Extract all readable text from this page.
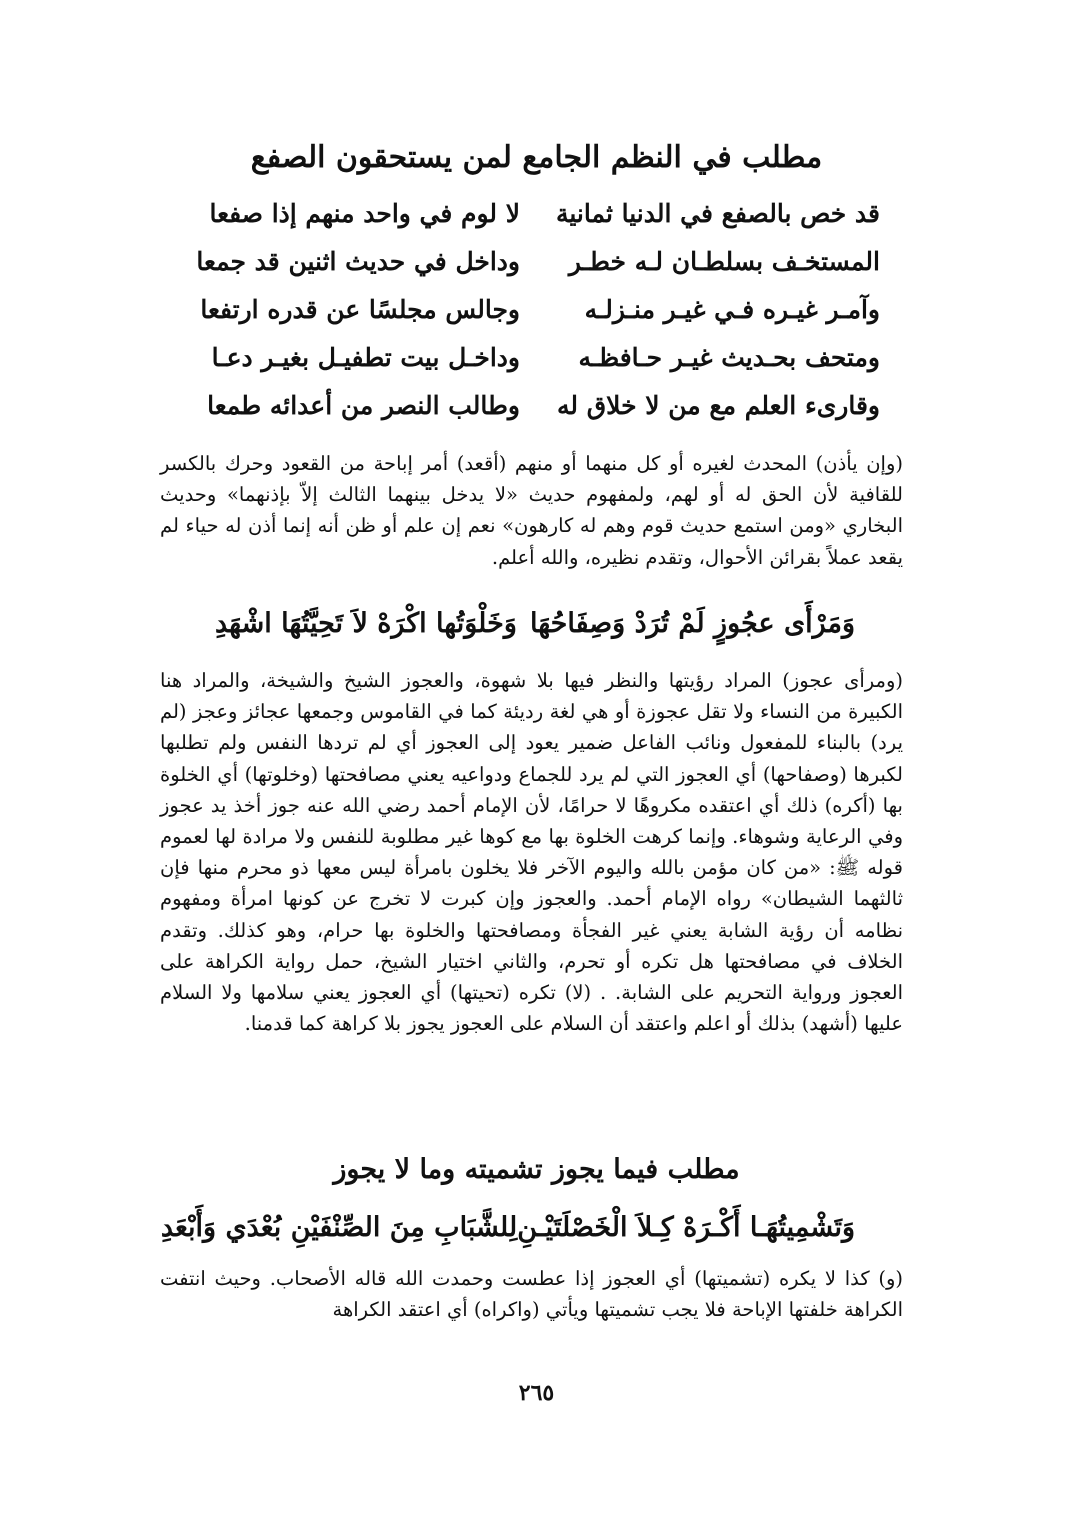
مطلب في النظم الجامع لمن يستحقون الصفع
قد خص بالصفع في الدنيا ثمانية
لا لوم في واحد منهم إذا صفعا
المستخـف بسلطـان لـه خطـر
وداخل في حديث اثنين قد جمعا
وآمـر غيـره فـي غيـر منـزلـه
وجالس مجلسًا عن قدره ارتفعا
ومتحف بحـديث غيـر حـافظـه
وداخـل بيت تطفيـل بغيـر دعـا
وقارىء العلم مع من لا خلاق له
وطالب النصر من أعدائه طمعا
(وإن يأذن) المحدث لغيره أو كل منهما أو منهم (أقعد) أمر إباحة من القعود وحرك بالكسر للقافية لأن الحق له أو لهم، ولمفهوم حديث «لا يدخل بينهما الثالث إلاّ بإذنهما» وحديث البخاري «ومن استمع حديث قوم وهم له كارهون» نعم إن علم أو ظن أنه إنما أذن له حياء لم يقعد عملاً بقرائن الأحوال، وتقدم نظيره، والله أعلم.
وَمَرْأَى عجُوزٍ لَمْ تُرَدْ وَصِفَاحُهَا
وَخَلْوَتُها اكْرَهْ لاَ تَحِيَّتُهَا اشْهَدِ
(ومرأى عجوز) المراد رؤيتها والنظر فيها بلا شهوة، والعجوز الشيخ والشيخة، والمراد هنا الكبيرة من النساء ولا تقل عجوزة أو هي لغة رديئة كما في القاموس وجمعها عجائز وعجز (لم يرد) بالبناء للمفعول ونائب الفاعل ضمير يعود إلى العجوز أي لم تردها النفس ولم تطلبها لكبرها (وصفاحها) أي العجوز التي لم يرد للجماع ودواعيه يعني مصافحتها (وخلوتها) أي الخلوة بها (أكره) ذلك أي اعتقده مكروهًا لا حرامًا، لأن الإمام أحمد رضي الله عنه جوز أخذ يد عجوز وفي الرعاية وشوهاء. وإنما كرهت الخلوة بها مع كوها غير مطلوبة للنفس ولا مرادة لها لعموم قوله ﷺ: «من كان مؤمن بالله واليوم الآخر فلا يخلون بامرأة ليس معها ذو محرم منها فإن ثالثهما الشيطان» رواه الإمام أحمد. والعجوز وإن كبرت لا تخرج عن كونها امرأة ومفهوم نظامه أن رؤية الشابة يعني غير الفجأة ومصافحتها والخلوة بها حرام، وهو كذلك. وتقدم الخلاف في مصافحتها هل تكره أو تحرم، والثاني اختيار الشيخ، حمل رواية الكراهة على العجوز ورواية التحريم على الشابة. . (لا) تكره (تحيتها) أي العجوز يعني سلامها ولا السلام عليها (أشهد) بذلك أو اعلم واعتقد أن السلام على العجوز يجوز بلا كراهة كما قدمنا.
مطلب فيما يجوز تشميته وما لا يجوز
وَتَشْمِيتُهَـا أَكْـرَهْ كِـلاَ الْخَصْلَتَيْـنِ
لِلشَّبَابِ مِنَ الصِّنْفَيْنِ بُعْدَي وَأَبْعَدِ
(و) كذا لا يكره (تشميتها) أي العجوز إذا عطست وحمدت الله قاله الأصحاب. وحيث انتفت الكراهة خلفتها الإباحة فلا يجب تشميتها ويأتي (واكراه) أي اعتقد الكراهة
٢٦٥
